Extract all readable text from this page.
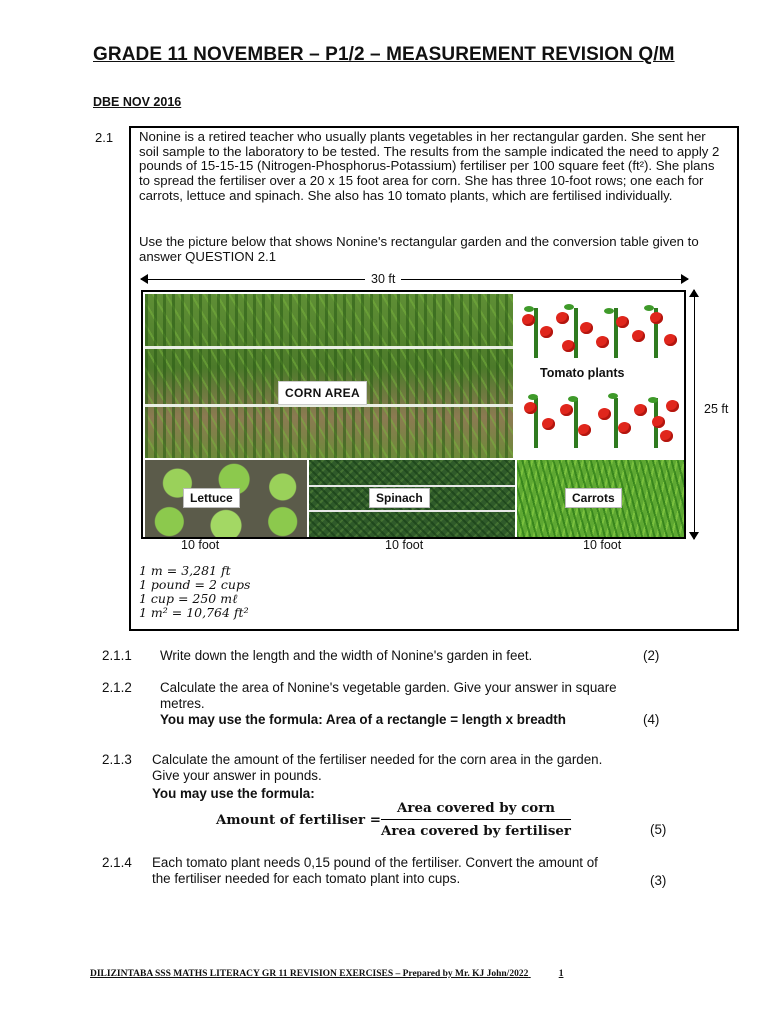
GRADE 11 NOVEMBER – P1/2 – MEASUREMENT REVISION Q/M
DBE NOV 2016
2.1 Nonine is a retired teacher who usually plants vegetables in her rectangular garden. She sent her soil sample to the laboratory to be tested. The results from the sample indicated the need to apply 2 pounds of 15-15-15 (Nitrogen-Phosphorus-Potassium) fertiliser per 100 square feet (ft²). She plans to spread the fertiliser over a 20 x 15 foot area for corn. She has three 10-foot rows; one each for carrots, lettuce and spinach. She also has 10 tomato plants, which are fertilised individually.

Use the picture below that shows Nonine's rectangular garden and the conversion table given to answer QUESTION 2.1

30 ft
CORN AREA
Tomato plants
Lettuce	Spinach	Carrots
25 ft
10 foot	10 foot	10 foot
1 m = 3,281 ft
1 pound = 2 cups
1 cup = 250 mℓ
1 m² = 10,764 ft²
2.1.1 Write down the length and the width of Nonine's garden in feet.	(2)
2.1.2 Calculate the area of Nonine's vegetable garden. Give your answer in square metres.
You may use the formula: Area of a rectangle = length x breadth	(4)
2.1.3 Calculate the amount of the fertiliser needed for the corn area in the garden. Give your answer in pounds.
You may use the formula:
(5)
Amount of fertiliser =
Area covered by corn
Area covered by fertiliser
2.1.4 Each tomato plant needs 0,15 pound of the fertiliser. Convert the amount of the fertiliser needed for each tomato plant into cups.	(3)
DILIZINTABA SSS MATHS LITERACY GR 11 REVISION EXERCISES – Prepared by Mr. KJ John/2022	1
